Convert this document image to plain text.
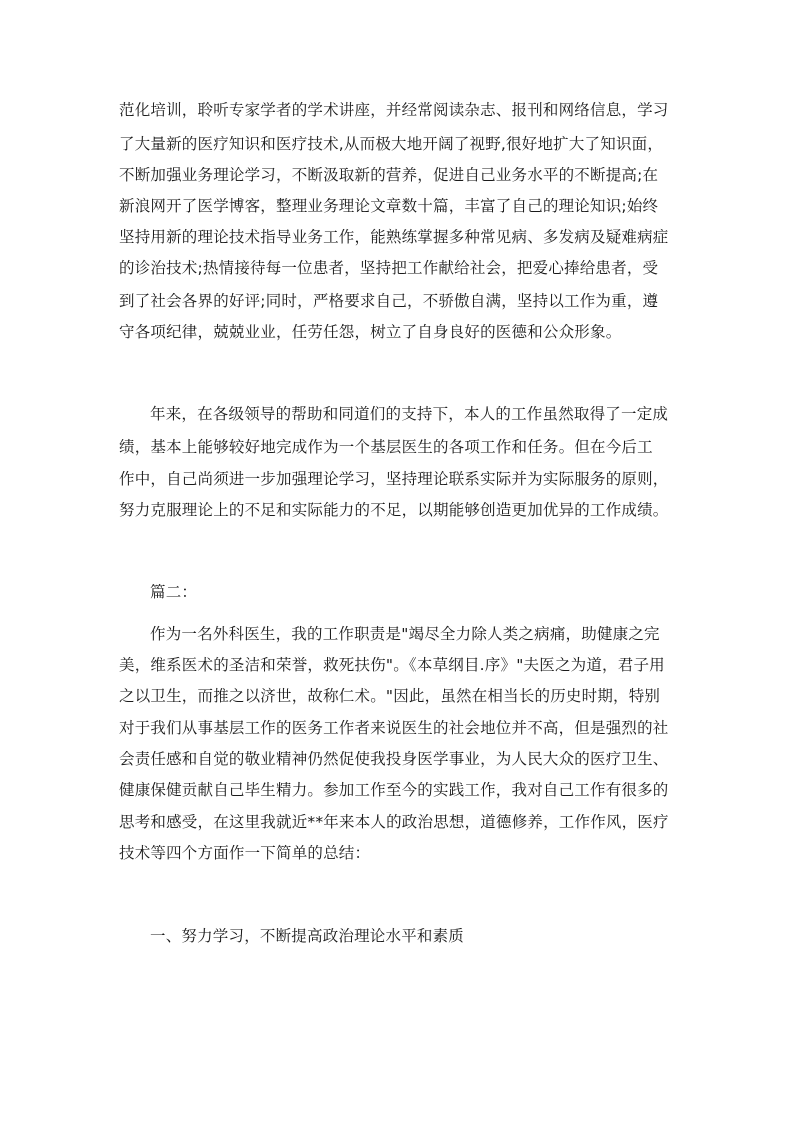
范化培训，聆听专家学者的学术讲座，并经常阅读杂志、报刊和网络信息，学习
了大量新的医疗知识和医疗技术,从而极大地开阔了视野,很好地扩大了知识面，
不断加强业务理论学习，不断汲取新的营养，促进自己业务水平的不断提高;在
新浪网开了医学博客，整理业务理论文章数十篇，丰富了自己的理论知识;始终
坚持用新的理论技术指导业务工作，能熟练掌握多种常见病、多发病及疑难病症
的诊治技术;热情接待每一位患者，坚持把工作献给社会，把爱心捧给患者，受
到了社会各界的好评;同时，严格要求自己，不骄傲自满，坚持以工作为重，遵
守各项纪律，兢兢业业，任劳任怨，树立了自身良好的医德和公众形象。
年来，在各级领导的帮助和同道们的支持下，本人的工作虽然取得了一定成
绩，基本上能够较好地完成作为一个基层医生的各项工作和任务。但在今后工
作中，自己尚须进一步加强理论学习，坚持理论联系实际并为实际服务的原则，
努力克服理论上的不足和实际能力的不足，以期能够创造更加优异的工作成绩。
篇二：
作为一名外科医生，我的工作职责是"竭尽全力除人类之病痛，助健康之完
美，维系医术的圣洁和荣誉，救死扶伤"。《本草纲目.序》"夫医之为道，君子用
之以卫生，而推之以济世，故称仁术。"因此，虽然在相当长的历史时期，特别
对于我们从事基层工作的医务工作者来说医生的社会地位并不高，但是强烈的社
会责任感和自觉的敬业精神仍然促使我投身医学事业，为人民大众的医疗卫生、
健康保健贡献自己毕生精力。参加工作至今的实践工作，我对自己工作有很多的
思考和感受，在这里我就近**年来本人的政治思想，道德修养，工作作风，医疗
技术等四个方面作一下简单的总结：
一、努力学习，不断提高政治理论水平和素质
